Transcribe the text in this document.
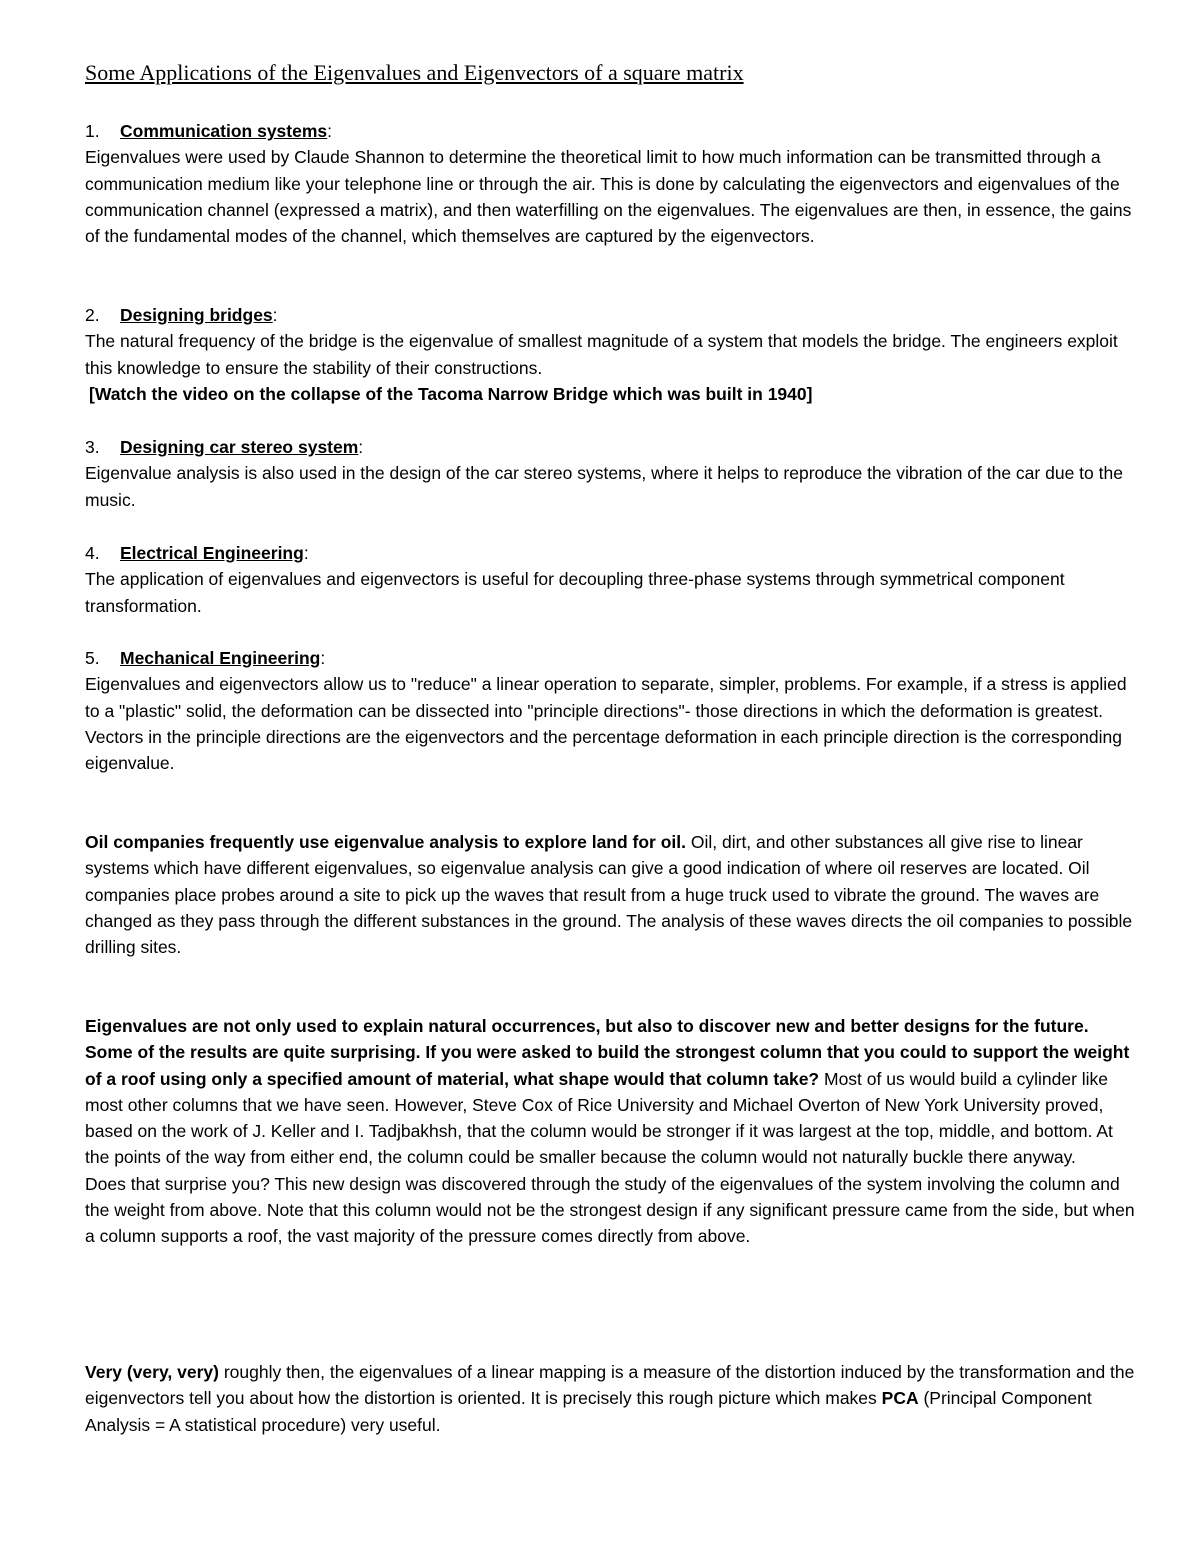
Some Applications of the Eigenvalues and Eigenvectors of a square matrix
1.	Communication systems :

Eigenvalues were used by Claude Shannon to determine the theoretical limit to how much information can be transmitted through a communication medium like your telephone line or through the air. This is done by calculating the eigenvectors and eigenvalues of the communication channel (expressed a matrix), and then waterfilling on the eigenvalues. The eigenvalues are then, in essence, the gains of the fundamental modes of the channel, which themselves are captured by the eigenvectors.

2.	Designing bridges :

The natural frequency of the bridge is the eigenvalue of smallest magnitude of a system that models the bridge. The engineers exploit this knowledge to ensure the stability of their constructions.

[Watch the video on the collapse of the Tacoma Narrow Bridge which was built in 1940]

3.	Designing car stereo system :

Eigenvalue analysis is also used in the design of the car stereo systems, where it helps to reproduce the vibration of the car due to the music.

4.	Electrical Engineering :

The application of eigenvalues and eigenvectors is useful for decoupling three-phase systems through symmetrical component transformation.

5.	Mechanical Engineering :

Eigenvalues and eigenvectors allow us to "reduce" a linear operation to separate, simpler, problems. For example, if a stress is applied to a "plastic" solid, the deformation can be dissected into "principle directions"- those directions in which the deformation is greatest. Vectors in the principle directions are the eigenvectors and the percentage deformation in each principle direction is the corresponding eigenvalue.

Oil companies frequently use eigenvalue analysis to explore land for oil. Oil, dirt, and other substances all give rise to linear systems which have different eigenvalues, so eigenvalue analysis can give a good indication of where oil reserves are located. Oil companies place probes around a site to pick up the waves that result from a huge truck used to vibrate the ground. The waves are changed as they pass through the different substances in the ground. The analysis of these waves directs the oil companies to possible drilling sites.

Eigenvalues are not only used to explain natural occurrences, but also to discover new and better designs for the future. Some of the results are quite surprising. If you were asked to build the strongest column that you could to support the weight of a roof using only a specified amount of material, what shape would that column take? Most of us would build a cylinder like most other columns that we have seen. However, Steve Cox of Rice University and Michael Overton of New York University proved, based on the work of J. Keller and I. Tadjbakhsh, that the column would be stronger if it was largest at the top, middle, and bottom. At the points of the way from either end, the column could be smaller because the column would not naturally buckle there anyway.

Does that surprise you? This new design was discovered through the study of the eigenvalues of the system involving the column and the weight from above. Note that this column would not be the strongest design if any significant pressure came from the side, but when a column supports a roof, the vast majority of the pressure comes directly from above.

Very (very, very) roughly then, the eigenvalues of a linear mapping is a measure of the distortion induced by the transformation and the eigenvectors tell you about how the distortion is oriented. It is precisely this rough picture which makes PCA (Principal Component Analysis = A statistical procedure) very useful.
